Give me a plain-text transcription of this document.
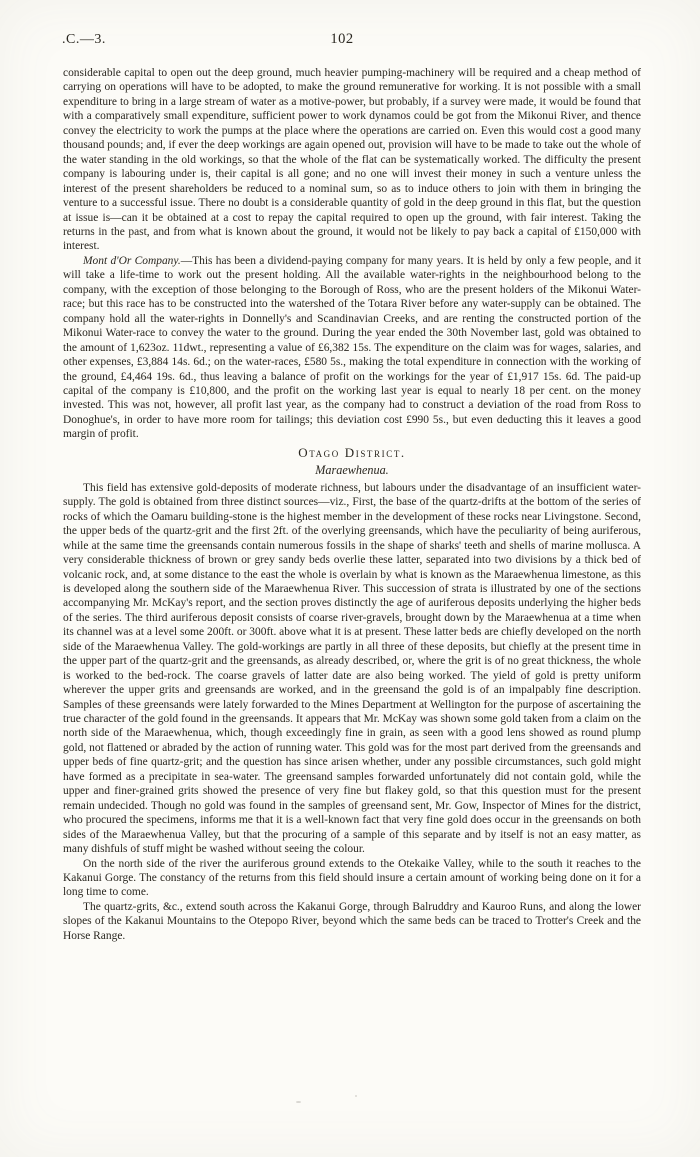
.C.—3.	102

considerable capital to open out the deep ground, much heavier pumping-machinery will be required and a cheap method of carrying on operations will have to be adopted, to make the ground remunerative for working. It is not possible with a small expenditure to bring in a large stream of water as a motive-power, but probably, if a survey were made, it would be found that with a comparatively small expenditure, sufficient power to work dynamos could be got from the Mikonui River, and thence convey the electricity to work the pumps at the place where the operations are carried on. Even this would cost a good many thousand pounds; and, if ever the deep workings are again opened out, provision will have to be made to take out the whole of the water standing in the old workings, so that the whole of the flat can be systematically worked. The difficulty the present company is labouring under is, their capital is all gone; and no one will invest their money in such a venture unless the interest of the present shareholders be reduced to a nominal sum, so as to induce others to join with them in bringing the venture to a successful issue. There no doubt is a considerable quantity of gold in the deep ground in this flat, but the question at issue is—can it be obtained at a cost to repay the capital required to open up the ground, with fair interest. Taking the returns in the past, and from what is known about the ground, it would not be likely to pay back a capital of £150,000 with interest.

Mont d'Or Company.—This has been a dividend-paying company for many years. It is held by only a few people, and it will take a life-time to work out the present holding. All the available water-rights in the neighbourhood belong to the company, with the exception of those belonging to the Borough of Ross, who are the present holders of the Mikonui Water-race; but this race has to be constructed into the watershed of the Totara River before any water-supply can be obtained. The company hold all the water-rights in Donnelly's and Scandinavian Creeks, and are renting the constructed portion of the Mikonui Water-race to convey the water to the ground. During the year ended the 30th November last, gold was obtained to the amount of 1,623oz. 11dwt., representing a value of £6,382 15s. The expenditure on the claim was for wages, salaries, and other expenses, £3,884 14s. 6d.; on the water-races, £580 5s., making the total expenditure in connection with the working of the ground, £4,464 19s. 6d., thus leaving a balance of profit on the workings for the year of £1,917 15s. 6d. The paid-up capital of the company is £10,800, and the profit on the working last year is equal to nearly 18 per cent. on the money invested. This was not, however, all profit last year, as the company had to construct a deviation of the road from Ross to Donoghue's, in order to have more room for tailings; this deviation cost £990 5s., but even deducting this it leaves a good margin of profit.

Otago District.
Maraewhenua.

This field has extensive gold-deposits of moderate richness, but labours under the disadvantage of an insufficient water-supply. The gold is obtained from three distinct sources—viz., First, the base of the quartz-drifts at the bottom of the series of rocks of which the Oamaru building-stone is the highest member in the development of these rocks near Livingstone. Second, the upper beds of the quartz-grit and the first 2ft. of the overlying greensands, which have the peculiarity of being auriferous, while at the same time the greensands contain numerous fossils in the shape of sharks' teeth and shells of marine mollusca. A very considerable thickness of brown or grey sandy beds overlie these latter, separated into two divisions by a thick bed of volcanic rock, and, at some distance to the east the whole is overlain by what is known as the Maraewhenua limestone, as this is developed along the southern side of the Maraewhenua River. This succession of strata is illustrated by one of the sections accompanying Mr. McKay's report, and the section proves distinctly the age of auriferous deposits underlying the higher beds of the series. The third auriferous deposit consists of coarse river-gravels, brought down by the Maraewhenua at a time when its channel was at a level some 200ft. or 300ft. above what it is at present. These latter beds are chiefly developed on the north side of the Maraewhenua Valley. The gold-workings are partly in all three of these deposits, but chiefly at the present time in the upper part of the quartz-grit and the greensands, as already described, or, where the grit is of no great thickness, the whole is worked to the bed-rock. The coarse gravels of latter date are also being worked. The yield of gold is pretty uniform wherever the upper grits and greensands are worked, and in the greensand the gold is of an impalpably fine description. Samples of these greensands were lately forwarded to the Mines Department at Wellington for the purpose of ascertaining the true character of the gold found in the greensands. It appears that Mr. McKay was shown some gold taken from a claim on the north side of the Maraewhenua, which, though exceedingly fine in grain, as seen with a good lens showed as round plump gold, not flattened or abraded by the action of running water. This gold was for the most part derived from the greensands and upper beds of fine quartz-grit; and the question has since arisen whether, under any possible circumstances, such gold might have formed as a precipitate in sea-water. The greensand samples forwarded unfortunately did not contain gold, while the upper and finer-grained grits showed the presence of very fine but flakey gold, so that this question must for the present remain undecided. Though no gold was found in the samples of greensand sent, Mr. Gow, Inspector of Mines for the district, who procured the specimens, informs me that it is a well-known fact that very fine gold does occur in the greensands on both sides of the Maraewhenua Valley, but that the procuring of a sample of this separate and by itself is not an easy matter, as many dishfuls of stuff might be washed without seeing the colour.

On the north side of the river the auriferous ground extends to the Otekaike Valley, while to the south it reaches to the Kakanui Gorge. The constancy of the returns from this field should insure a certain amount of working being done on it for a long time to come.

The quartz-grits, &c., extend south across the Kakanui Gorge, through Balruddry and Kauroo Runs, and along the lower slopes of the Kakanui Mountains to the Otepopo River, beyond which the same beds can be traced to Trotter's Creek and the Horse Range.
